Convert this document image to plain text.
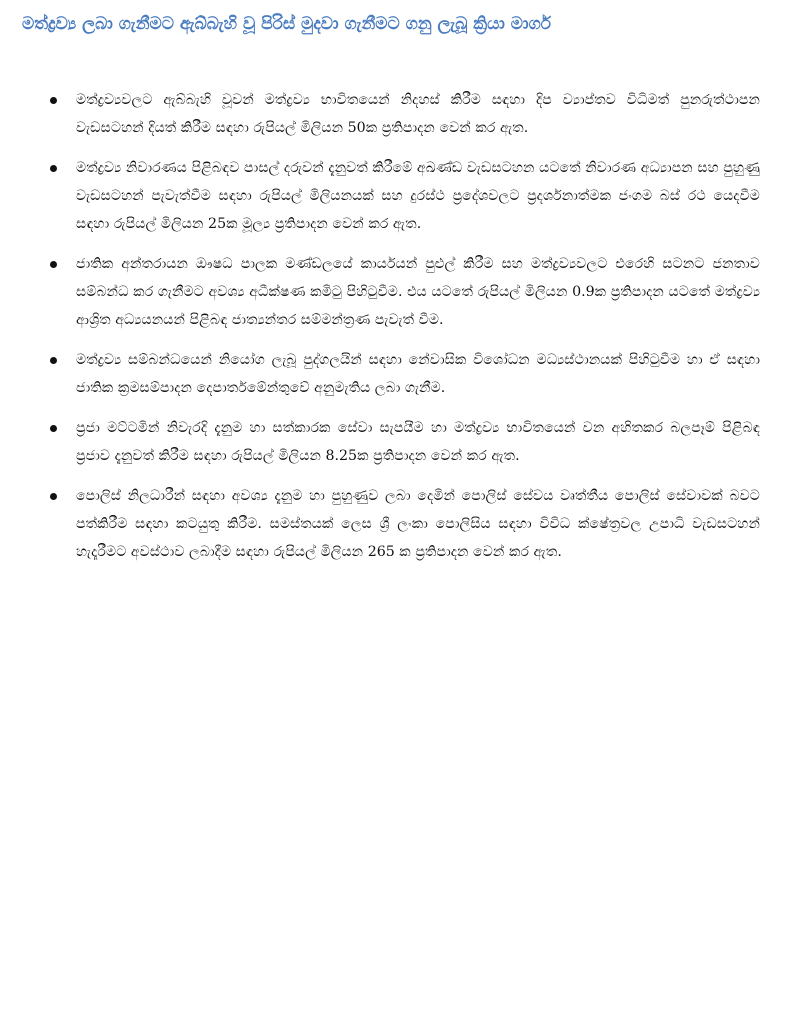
මත්ද්‍රව්‍ය ලබා ගැනීමට ඇබ්බැහි වූ පිරිස් මුදවා ගැනීමට ගනු ලැබූ ක්‍රියා මාර්ග
මත්ද්‍රව්‍යවලට ඇබ්බැහි වූවන් මත්ද්‍රව්‍ය භාවිතයෙන් නිදහස් කිරීම සඳහා දිප ව්‍යාප්තව විධිමත් පුනරුත්ථාපන වැඩසටහන් දියත් කිරීම සඳහා රුපියල් මිලියන 50ක ප්‍රතිපාදන වෙන් කර ඇත.
මත්ද්‍රව්‍ය නිවාරණය පිළිබඳව පාසල් දරුවන් දැනුවත් කිරීමේ අඛණ්ඩ වැඩසටහන යටතේ නිවාරණ අධ්‍යාපන සහ පුහුණු වැඩසටහන් පැවැත්වීම සඳහා රුපියල් මිලියනයක් සහ දුරස්ථ ප්‍රදේශවලට ප්‍රදර්ශනාත්මක ජංගම බස් රථ යෙදවීම සඳහා රුපියල් මිලියන 25ක මූල්‍ය ප්‍රතිපාදන වෙන් කර ඇත.
ජාතික අන්තරායන ඖෂධ පාලක මණ්ඩලයේ කාර්යයන් පුළුල් කිරීම සහ මත්ද්‍රව්‍යවලට එරෙහි සටනට ජනතාව සම්බන්ධ කර ගැනීමට අවශ්‍ය අධීක්ෂණ කමිටු පිහිටුවීම. එය යටතේ රුපියල් මිලියන 0.9ක ප්‍රතිපාදන යටතේ මත්ද්‍රව්‍ය ආශ්‍රිත අධ්‍යයනයන් පිළිබඳ ජාත්‍යන්තර සම්මන්ත්‍රණ පැවැත් වීම.
මත්ද්‍රව්‍ය සම්බන්ධයෙන් නියෝග ලැබූ පුද්ගලයින් සඳහා නේවාසික විශෝධන මධ්‍යස්ථානයක් පිහිටුවීම හා ඒ සඳහා ජාතික ක්‍රමසම්පාදන දෙපාර්තමේන්තුවේ අනුමැතිය ලබා ගැනීම.
ප්‍රජා මට්ටමින් නිවැරදි දැනුම හා සත්කාරක සේවා සැපයීම හා මත්ද්‍රව්‍ය භාවිතයෙන් වන අහිතකර බලපෑම් පිළිබඳ ප්‍රජාව දැනුවත් කිරීම සඳහා රුපියල් මිලියන 8.25ක ප්‍රතිපාදන වෙන් කර ඇත.
පොලිස් නිලධාරීන් සඳහා අවශ්‍ය දැනුම හා පුහුණුව ලබා දෙමින් පොලිස් සේවය වෘත්තීය පොලිස් සේවාවක් බවට පත්කිරීම සඳහා කටයුතු කිරීම. සමස්තයක් ලෙස ශ්‍රී ලංකා පොලිසිය සඳහා විවිධ ක්ෂේත්‍රවල උපාධි වැඩසටහන් හැදෑරීමට අවස්ථාව ලබාදීම සඳහා රුපියල් මිලියන 265 ක ප්‍රතිපාදන වෙන් කර ඇත.
